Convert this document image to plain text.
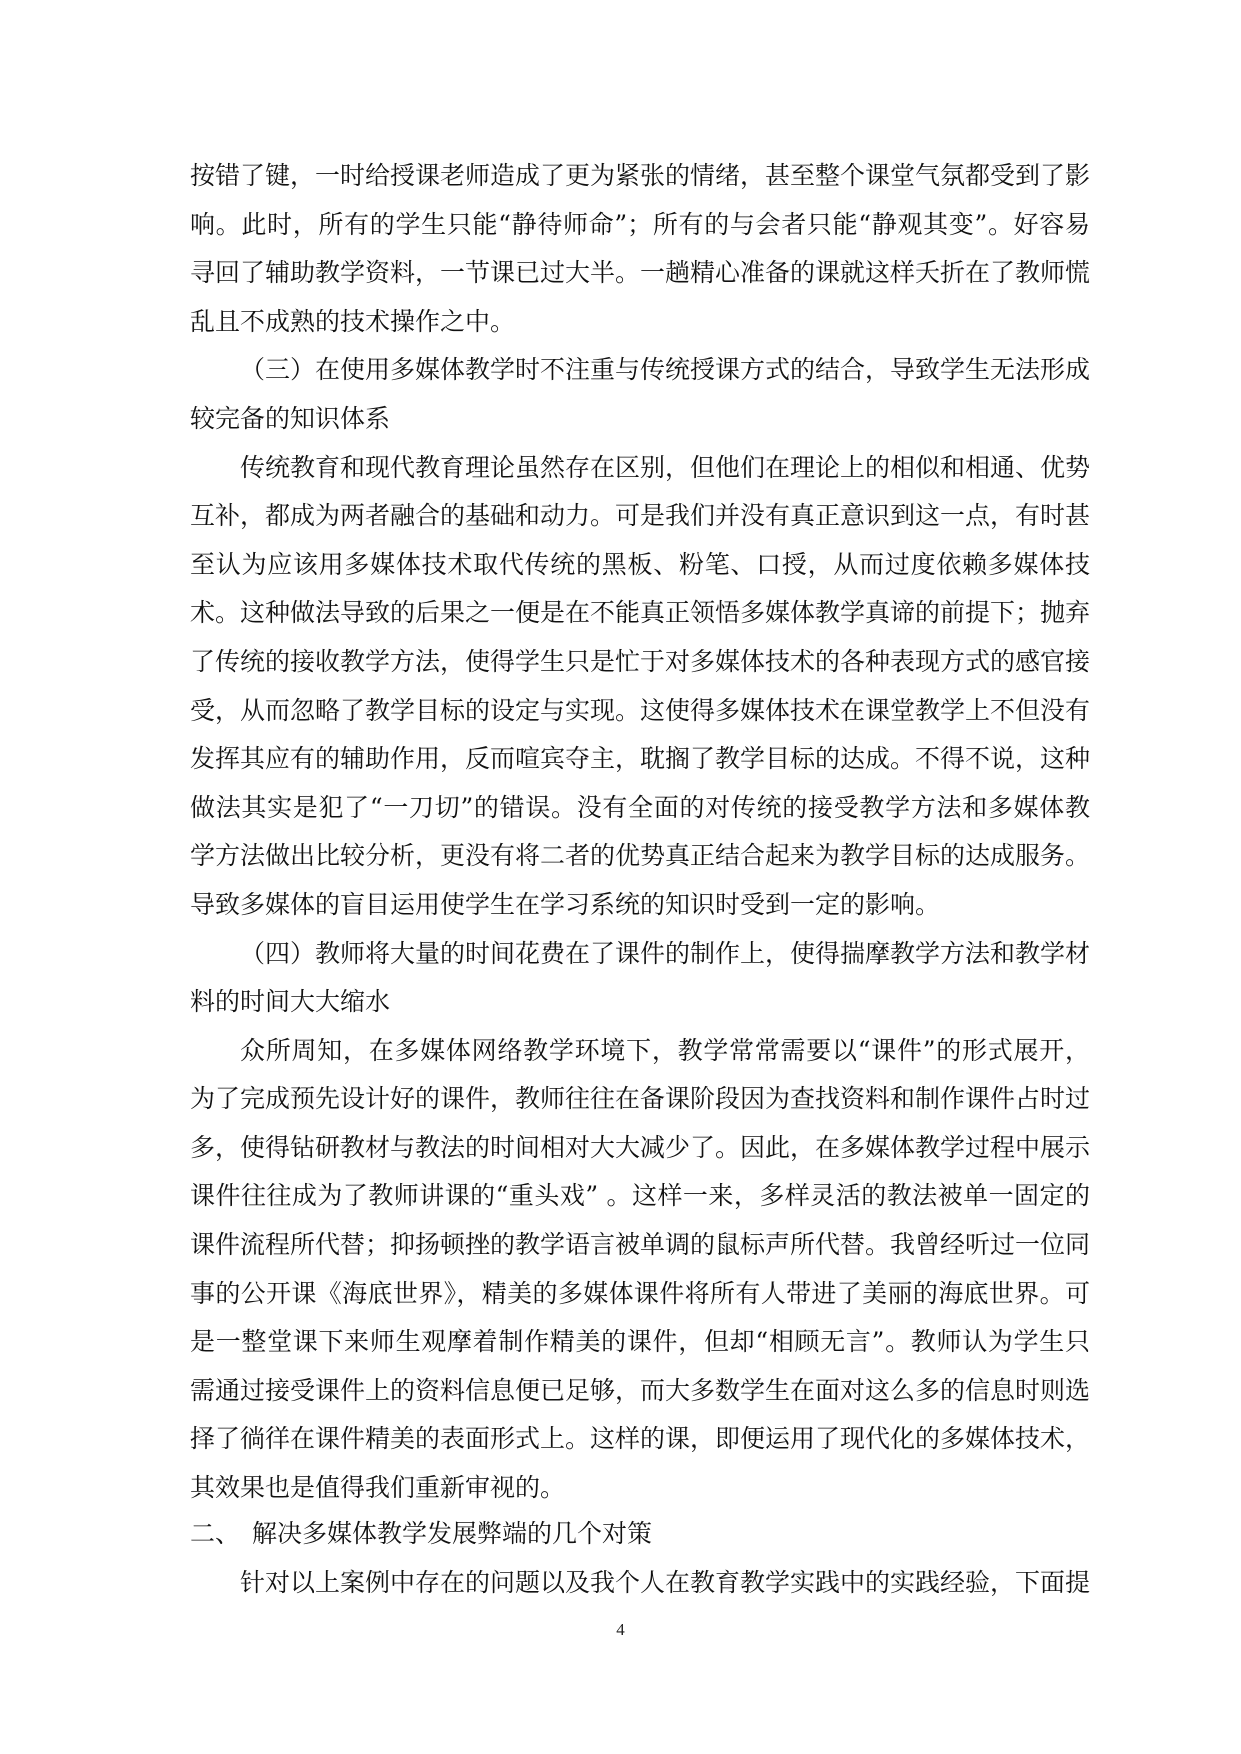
按错了键，一时给授课老师造成了更为紧张的情绪，甚至整个课堂气氛都受到了影响。此时，所有的学生只能“静待师命”；所有的与会者只能“静观其变”。好容易寻回了辅助教学资料，一节课已过大半。一趟精心准备的课就这样夭折在了教师慌乱且不成熟的技术操作之中。

（三）在使用多媒体教学时不注重与传统授课方式的结合，导致学生无法形成较完备的知识体系

传统教育和现代教育理论虽然存在区别，但他们在理论上的相似和相通、优势互补，都成为两者融合的基础和动力。可是我们并没有真正意识到这一点，有时甚至认为应该用多媒体技术取代传统的黑板、粉笔、口授，从而过度依赖多媒体技术。这种做法导致的后果之一便是在不能真正领悟多媒体教学真谛的前提下；抛弃了传统的接收教学方法，使得学生只是忙于对多媒体技术的各种表现方式的感官接受，从而忽略了教学目标的设定与实现。这使得多媒体技术在课堂教学上不但没有发挥其应有的辅助作用，反而喧宾夺主，耽搁了教学目标的达成。不得不说，这种做法其实是犯了“一刀切”的错误。没有全面的对传统的接受教学方法和多媒体教学方法做出比较分析，更没有将二者的优势真正结合起来为教学目标的达成服务。导致多媒体的盲目运用使学生在学习系统的知识时受到一定的影响。

（四）教师将大量的时间花费在了课件的制作上，使得揣摩教学方法和教学材料的时间大大缩水

众所周知，在多媒体网络教学环境下，教学常常需要以“课件”的形式展开，为了完成预先设计好的课件，教师往往在备课阶段因为查找资料和制作课件占时过多，使得钻研教材与教法的时间相对大大减少了。因此，在多媒体教学过程中展示课件往往成为了教师讲课的“重头戏” 。这样一来，多样灵活的教法被单一固定的课件流程所代替；抑扬顿挫的教学语言被单调的鼠标声所代替。我曾经听过一位同事的公开课《海底世界》，精美的多媒体课件将所有人带进了美丽的海底世界。可是一整堂课下来师生观摩着制作精美的课件，但却“相顾无言”。教师认为学生只需通过接受课件上的资料信息便已足够，而大多数学生在面对这么多的信息时则选择了徜徉在课件精美的表面形式上。这样的课，即便运用了现代化的多媒体技术，其效果也是值得我们重新审视的。

二、 解决多媒体教学发展弊端的几个对策

针对以上案例中存在的问题以及我个人在教育教学实践中的实践经验，下面提

4
